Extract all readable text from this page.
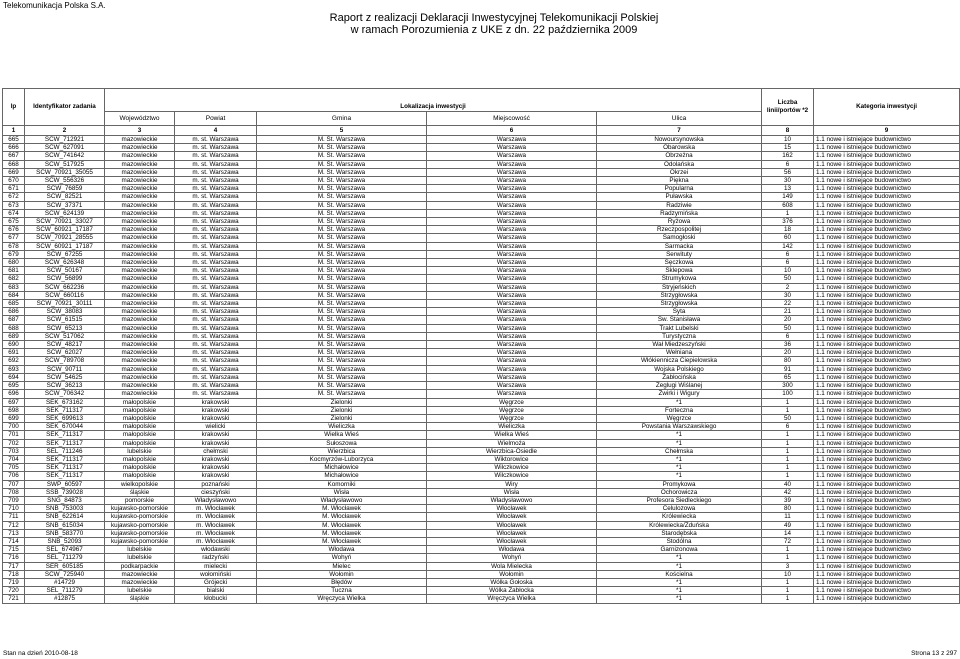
Telekomunikacja Polska S.A.
Raport z realizacji Deklaracji Inwestycyjnej Telekomunikacji Polskiej
w ramach Porozumienia z UKE z dn. 22 października 2009
lp	Identyfikator zadania	Lokalizacja inwestycji					Liczba linii/portów *2	Kategoria inwestycji
		Województwo	Powiat	Gmina	Miejscowość	Ulica		
1	2	3	4	5	6	7	8	9
665	SCW_712921	mazowieckie	m. st. Warszawa	M. St. Warszawa	Warszawa	Nowoursynowska	10	1.1 nowe i istniejące budownictwo
666	SCW_627091	mazowieckie	m. st. Warszawa	M. St. Warszawa	Warszawa	Obarowska	15	1.1 nowe i istniejące budownictwo
667	SCW_741642	mazowieckie	m. st. Warszawa	M. St. Warszawa	Warszawa	Obrzeżna	162	1.1 nowe i istniejące budownictwo
668	SCW_517925	mazowieckie	m. st. Warszawa	M. St. Warszawa	Warszawa	Odolańska	6	1.1 nowe i istniejące budownictwo
669	SCW_70921_35055	mazowieckie	m. st. Warszawa	M. St. Warszawa	Warszawa	Okrzei	56	1.1 nowe i istniejące budownictwo
670	SCW_556326	mazowieckie	m. st. Warszawa	M. St. Warszawa	Warszawa	Piękna	30	1.1 nowe i istniejące budownictwo
671	SCW_76859	mazowieckie	m. st. Warszawa	M. St. Warszawa	Warszawa	Popularna	13	1.1 nowe i istniejące budownictwo
672	SCW_82521	mazowieckie	m. st. Warszawa	M. St. Warszawa	Warszawa	Puławska	149	1.1 nowe i istniejące budownictwo
673	SCW_37371	mazowieckie	m. st. Warszawa	M. St. Warszawa	Warszawa	Radziwie	608	1.1 nowe i istniejące budownictwo
674	SCW_624139	mazowieckie	m. st. Warszawa	M. St. Warszawa	Warszawa	Radzymińska	1	1.1 nowe i istniejące budownictwo
675	SCW_70921_33027	mazowieckie	m. st. Warszawa	M. St. Warszawa	Warszawa	Ryżowa	376	1.1 nowe i istniejące budownictwo
676	SCW_60921_17187	mazowieckie	m. st. Warszawa	M. St. Warszawa	Warszawa	Rzeczpospolitej	18	1.1 nowe i istniejące budownictwo
677	SCW_70921_28555	mazowieckie	m. st. Warszawa	M. St. Warszawa	Warszawa	Samogłoski	60	1.1 nowe i istniejące budownictwo
678	SCW_60921_17187	mazowieckie	m. st. Warszawa	M. St. Warszawa	Warszawa	Sarmacka	142	1.1 nowe i istniejące budownictwo
679	SCW_67255	mazowieckie	m. st. Warszawa	M. St. Warszawa	Warszawa	Serwituty	6	1.1 nowe i istniejące budownictwo
680	SCW_626348	mazowieckie	m. st. Warszawa	M. St. Warszawa	Warszawa	Sęczkowa	6	1.1 nowe i istniejące budownictwo
681	SCW_50167	mazowieckie	m. st. Warszawa	M. St. Warszawa	Warszawa	Sklepowa	10	1.1 nowe i istniejące budownictwo
682	SCW_56899	mazowieckie	m. st. Warszawa	M. St. Warszawa	Warszawa	Strumykowa	50	1.1 nowe i istniejące budownictwo
683	SCW_662236	mazowieckie	m. st. Warszawa	M. St. Warszawa	Warszawa	Stryjeńskich	2	1.1 nowe i istniejące budownictwo
684	SCW_660116	mazowieckie	m. st. Warszawa	M. St. Warszawa	Warszawa	Strzygłowska	30	1.1 nowe i istniejące budownictwo
685	SCW_70921_30111	mazowieckie	m. st. Warszawa	M. St. Warszawa	Warszawa	Strzygłowska	22	1.1 nowe i istniejące budownictwo
686	SCW_38083	mazowieckie	m. st. Warszawa	M. St. Warszawa	Warszawa	Syta	21	1.1 nowe i istniejące budownictwo
687	SCW_61515	mazowieckie	m. st. Warszawa	M. St. Warszawa	Warszawa	Św. Stanisława	20	1.1 nowe i istniejące budownictwo
688	SCW_65213	mazowieckie	m. st. Warszawa	M. St. Warszawa	Warszawa	Trakt Lubelski	50	1.1 nowe i istniejące budownictwo
689	SCW_517062	mazowieckie	m. st. Warszawa	M. St. Warszawa	Warszawa	Turystyczna	6	1.1 nowe i istniejące budownictwo
690	SCW_48217	mazowieckie	m. st. Warszawa	M. St. Warszawa	Warszawa	Wał Miedzeszyński	36	1.1 nowe i istniejące budownictwo
691	SCW_62027	mazowieckie	m. st. Warszawa	M. St. Warszawa	Warszawa	Wełniana	20	1.1 nowe i istniejące budownictwo
692	SCW_789708	mazowieckie	m. st. Warszawa	M. St. Warszawa	Warszawa	Włókiennicza Ciepielowska	80	1.1 nowe i istniejące budownictwo
693	SCW_90711	mazowieckie	m. st. Warszawa	M. St. Warszawa	Warszawa	Wojska Polskiego	91	1.1 nowe i istniejące budownictwo
694	SCW_54625	mazowieckie	m. st. Warszawa	M. St. Warszawa	Warszawa	Zabłocińska	65	1.1 nowe i istniejące budownictwo
695	SCW_36213	mazowieckie	m. st. Warszawa	M. St. Warszawa	Warszawa	Żeglugi Wiślanej	300	1.1 nowe i istniejące budownictwo
696	SCW_706342	mazowieckie	m. st. Warszawa	M. St. Warszawa	Warszawa	Żwirki i Wigury	100	1.1 nowe i istniejące budownictwo
697	SEK_673162	małopolskie	krakowski	Zielonki	Węgrzce	*1	1	1.1 nowe i istniejące budownictwo
698	SEK_711317	małopolskie	krakowski	Zielonki	Węgrzce	Forteczna	1	1.1 nowe i istniejące budownictwo
699	SEK_699613	małopolskie	krakowski	Zielonki	Węgrzce	Węgrzce	50	1.1 nowe i istniejące budownictwo
700	SEK_670044	małopolskie	wielicki	Wieliczka	Wieliczka	Powstania Warszawskiego	6	1.1 nowe i istniejące budownictwo
701	SEK_711317	małopolskie	krakowski	Wielka Wieś	Wielka Wieś	*1	1	1.1 nowe i istniejące budownictwo
702	SEK_711317	małopolskie	krakowski	Sułoszowa	Wielmoża	*1	1	1.1 nowe i istniejące budownictwo
703	SEL_711246	lubelskie	chełmski	Wierzbica	Wierzbica-Osiedle	Chełmska	1	1.1 nowe i istniejące budownictwo
704	SEK_711317	małopolskie	krakowski	Kocmyrzów-Luborzyca	Wiktorowice	*1	1	1.1 nowe i istniejące budownictwo
705	SEK_711317	małopolskie	krakowski	Michałowice	Wilczkowice	*1	1	1.1 nowe i istniejące budownictwo
706	SEK_711317	małopolskie	krakowski	Michałowice	Wilczkowice	*1	1	1.1 nowe i istniejące budownictwo
707	SWP_60597	wielkopolskie	poznański	Komorniki	Wiry	Promykowa	40	1.1 nowe i istniejące budownictwo
708	SSB_739028	śląskie	cieszyński	Wisła	Wisła	Ochorowicza	42	1.1 nowe i istniejące budownictwo
709	SNG_84873	pomorskie	Władysławowo	Władysławowo	Władysławowo	Profesora Siedleckiego	39	1.1 nowe i istniejące budownictwo
710	SNB_753003	kujawsko-pomorskie	m. Włocławek	M. Włocławek	Włocławek	Celulozowa	80	1.1 nowe i istniejące budownictwo
711	SNB_622614	kujawsko-pomorskie	m. Włocławek	M. Włocławek	Włocławek	Królewiecka	11	1.1 nowe i istniejące budownictwo
712	SNB_615034	kujawsko-pomorskie	m. Włocławek	M. Włocławek	Włocławek	Królewiecka/Zduńska	49	1.1 nowe i istniejące budownictwo
713	SNB_583770	kujawsko-pomorskie	m. Włocławek	M. Włocławek	Włocławek	Starodębska	14	1.1 nowe i istniejące budownictwo
714	SNB_52093	kujawsko-pomorskie	m. Włocławek	M. Włocławek	Włocławek	Stodólna	72	1.1 nowe i istniejące budownictwo
715	SEL_674967	lubelskie	włodawski	Włodawa	Włodawa	Garnizonowa	1	1.1 nowe i istniejące budownictwo
716	SEL_711279	lubelskie	radzyński	Wohyń	Wohyń	*1	1	1.1 nowe i istniejące budownictwo
717	SER_605185	podkarpackie	mielecki	Mielec	Wola Mielecka	*1	3	1.1 nowe i istniejące budownictwo
718	SCW_725940	mazowieckie	wołomiński	Wołomin	Wołomin	Kościelna	10	1.1 nowe i istniejące budownictwo
719	#14729	mazowieckie	Grójecki	Błędów	Wólka Gołoska	*1	1	1.1 nowe i istniejące budownictwo
720	SEL_711279	lubelskie	bialski	Tuczna	Wólka Zabłocka	*1	1	1.1 nowe i istniejące budownictwo
721	#12875	śląskie	kłobucki	Wręczyca Wielka	Wręczyca Wielka	*1	1	1.1 nowe i istniejące budownictwo
Stan na dzień 2010-08-18	Strona 13 z 297
